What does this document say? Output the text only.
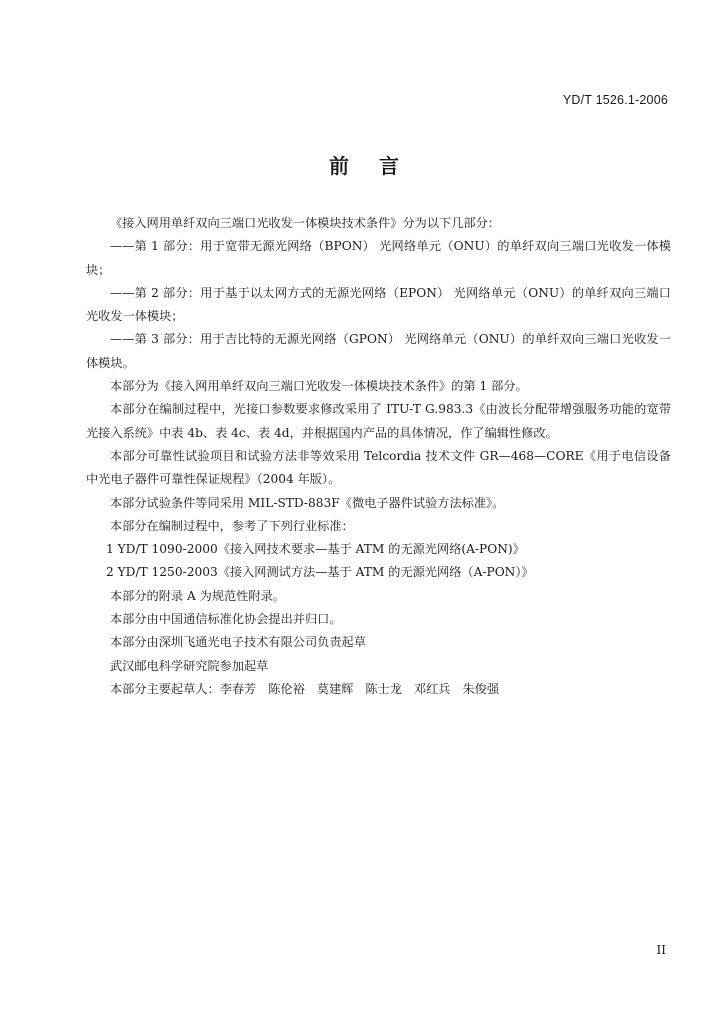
YD/T 1526.1-2006
前言

《接入网用单纤双向三端口光收发一体模块技术条件》分为以下几部分：

——第 1 部分：用于宽带无源光网络（BPON） 光网络单元（ONU）的单纤双向三端口光收发一体模块；

——第 2 部分：用于基于以太网方式的无源光网络（EPON） 光网络单元（ONU）的单纤双向三端口光收发一体模块；

——第 3 部分：用于吉比特的无源光网络（GPON） 光网络单元（ONU）的单纤双向三端口光收发一体模块。

本部分为《接入网用单纤双向三端口光收发一体模块技术条件》的第 1 部分。

本部分在编制过程中，光接口参数要求修改采用了 ITU-T G.983.3《由波长分配带增强服务功能的宽带光接入系统》中表 4b、表 4c、表 4d，并根据国内产品的具体情况，作了编辑性修改。

本部分可靠性试验项目和试验方法非等效采用 Telcordia 技术文件 GR—468—CORE《用于电信设备中光电子器件可靠性保证规程》（2004 年版）。

本部分试验条件等同采用 MIL-STD-883F《微电子器件试验方法标准》。

本部分在编制过程中，参考了下列行业标准：

1 YD/T 1090-2000《接入网技术要求—基于 ATM 的无源光网络(A-PON)》

2 YD/T 1250-2003《接入网测试方法—基于 ATM 的无源光网络（A-PON）》

本部分的附录 A 为规范性附录。

本部分由中国通信标准化协会提出并归口。

本部分由深圳飞通光电子技术有限公司负责起草

武汉邮电科学研究院参加起草

本部分主要起草人：李春芳 陈伦裕 莫建辉 陈士龙 邓红兵 朱俊强

II
